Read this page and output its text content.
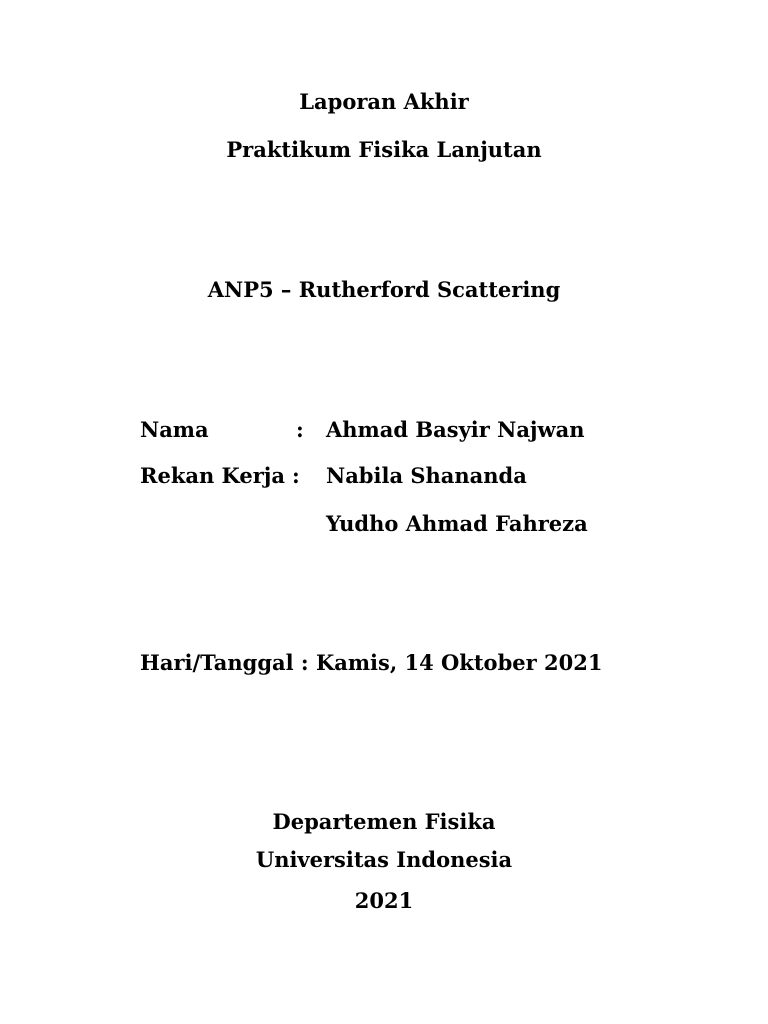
Laporan Akhir
Praktikum Fisika Lanjutan
ANP5 – Rutherford Scattering
Nama	: Ahmad Basyir Najwan
Rekan Kerja : Nabila Shananda
Yudho Ahmad Fahreza
Hari/Tanggal : Kamis, 14 Oktober 2021
Departemen Fisika
Universitas Indonesia
2021
